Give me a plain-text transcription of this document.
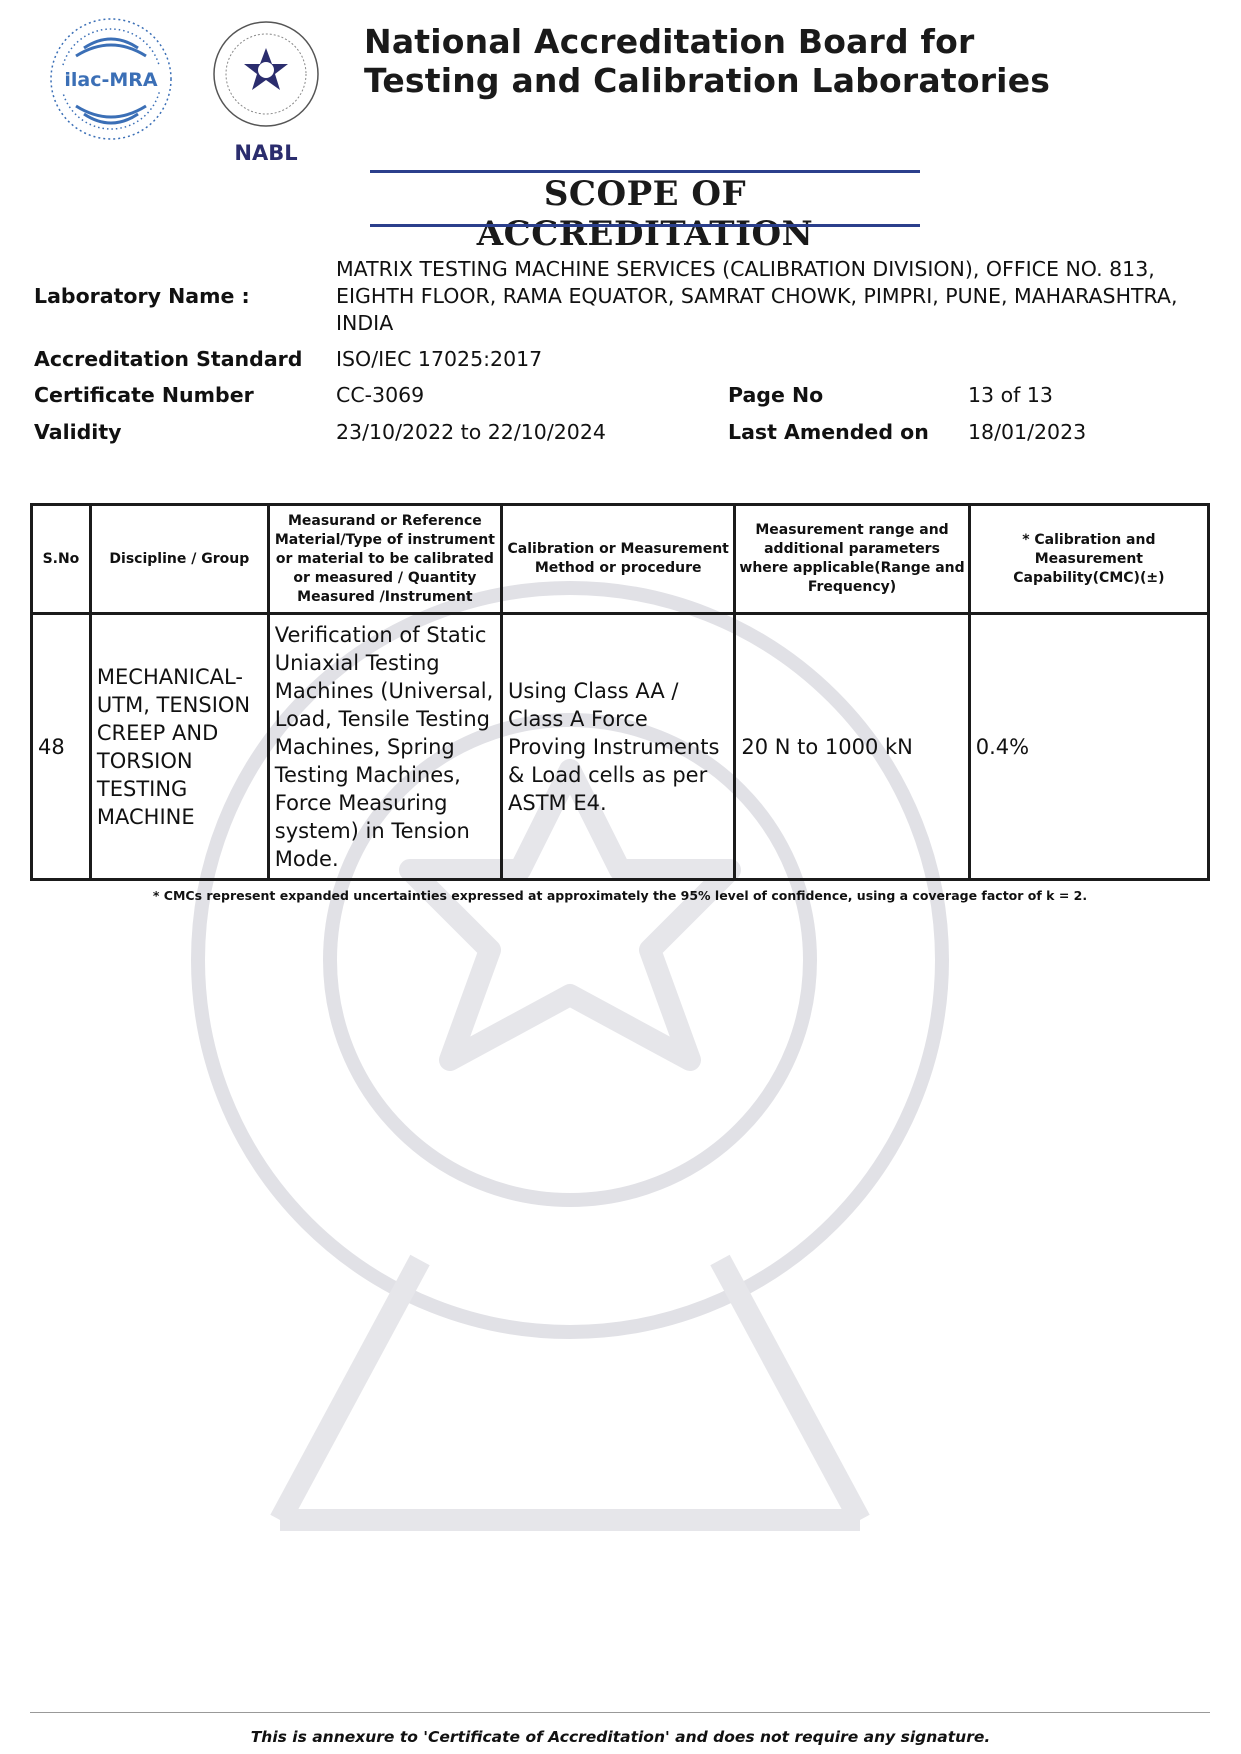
ilac-MRA
NABL
National Accreditation Board for
Testing and Calibration Laboratories
SCOPE OF ACCREDITATION
Laboratory Name :
MATRIX TESTING MACHINE SERVICES (CALIBRATION DIVISION), OFFICE NO. 813,
EIGHTH FLOOR, RAMA EQUATOR, SAMRAT CHOWK, PIMPRI, PUNE, MAHARASHTRA,
INDIA
Accreditation Standard ISO/IEC 17025:2017
Certificate Number	CC-3069	Page No	13 of 13
Validity	23/10/2022 to 22/10/2024	Last Amended on 18/01/2023
S.No	Discipline / Group	Measurand or Reference Material/Type of instrument or material to be calibrated or measured / Quantity Measured /Instrument	Calibration or Measurement Method or procedure	Measurement range and additional parameters where applicable(Range and Frequency)	* Calibration and Measurement Capability(CMC)(±)
48	MECHANICAL- UTM, TENSION CREEP AND TORSION TESTING MACHINE	Verification of Static Uniaxial Testing Machines (Universal, Load, Tensile Testing Machines, Spring Testing Machines, Force Measuring system) in Tension Mode.	Using Class AA / Class A Force Proving Instruments & Load cells as per ASTM E4.	20 N to 1000 kN	0.4%
* CMCs represent expanded uncertainties expressed at approximately the 95% level of confidence, using a coverage factor of k = 2.
This is annexure to 'Certificate of Accreditation' and does not require any signature.
